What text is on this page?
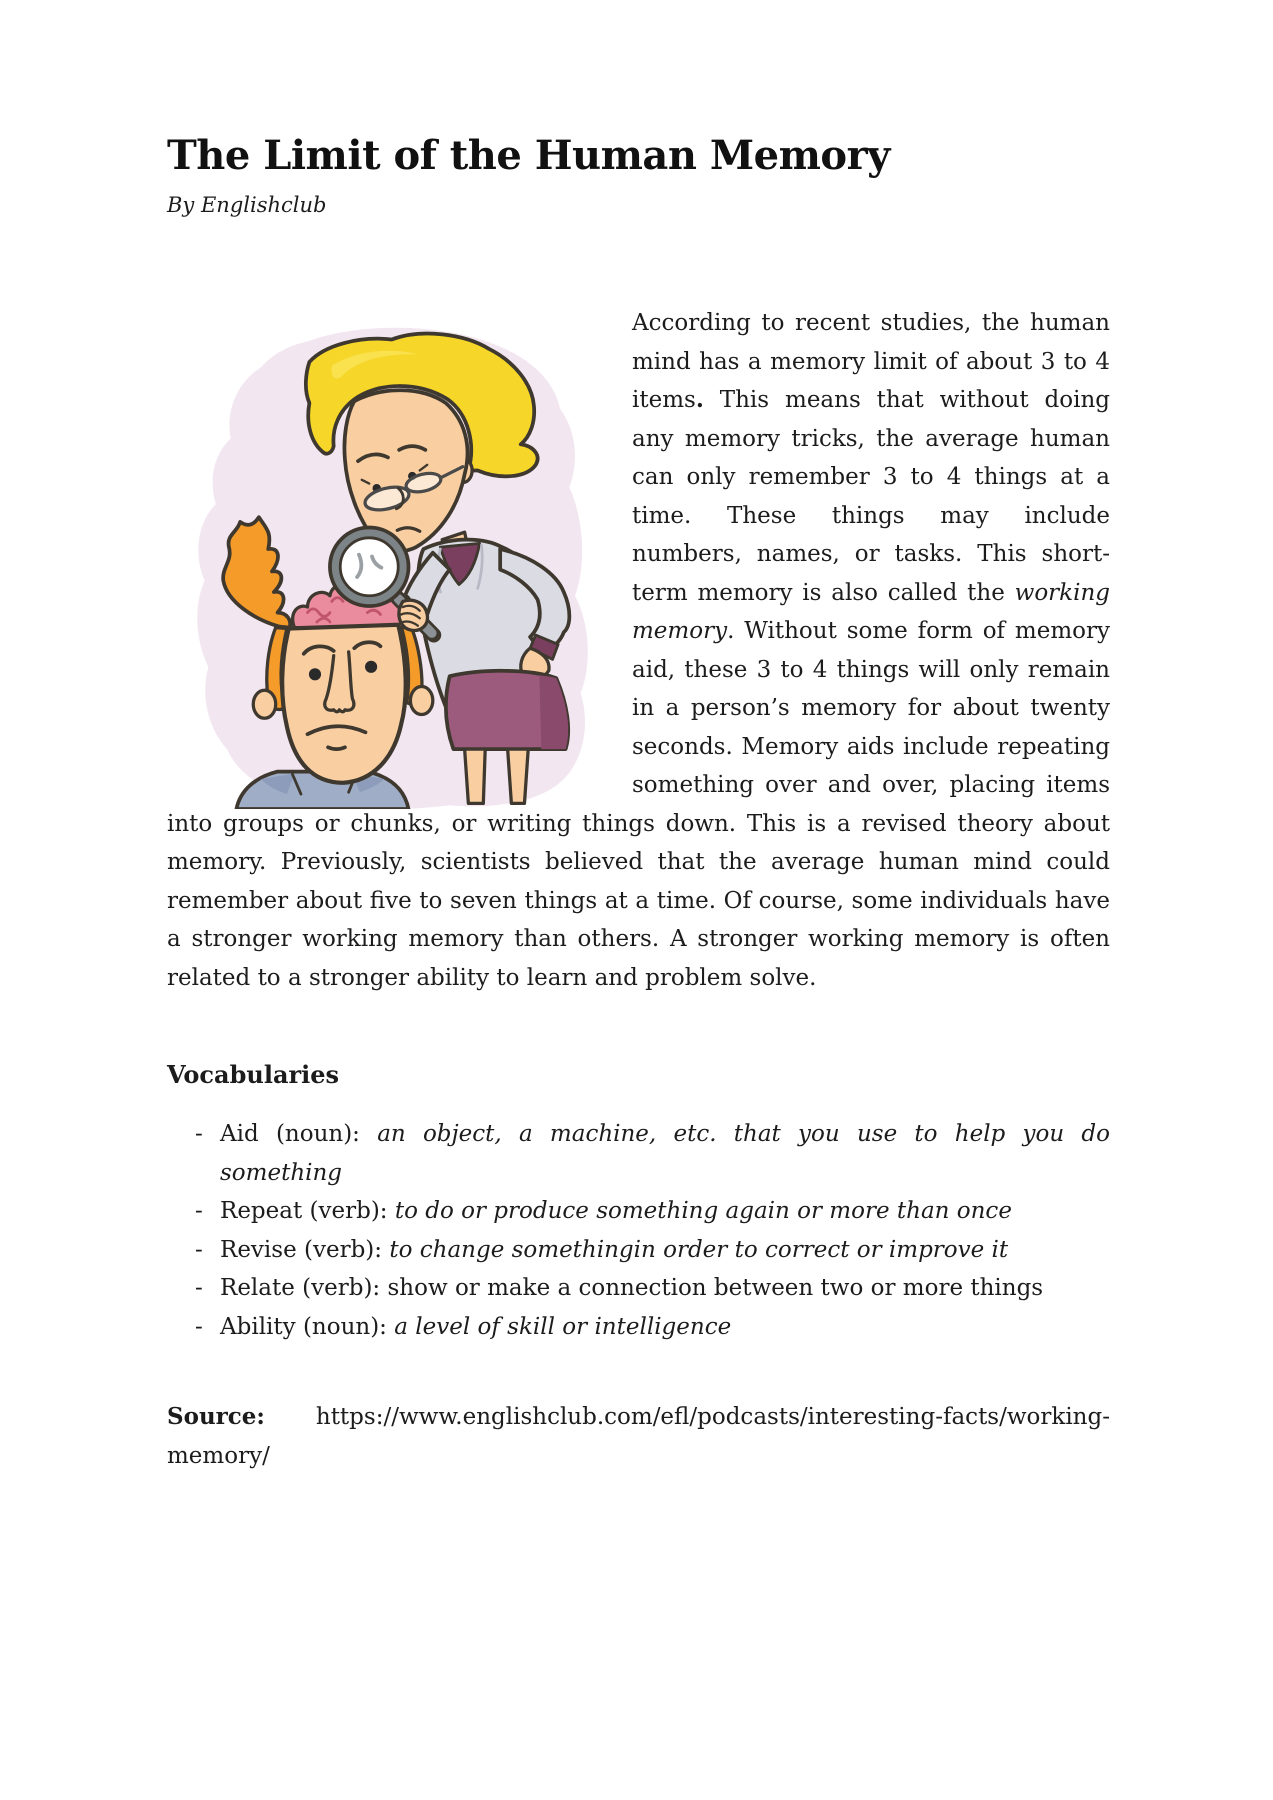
The Limit of the Human Memory
By Englishclub

According to recent studies, the human mind has a memory limit of about 3 to 4 items. This means that without doing any memory tricks, the average human can only remember 3 to 4 things at a time. These things may include numbers, names, or tasks. This short-term memory is also called the working memory. Without some form of memory aid, these 3 to 4 things will only remain in a person’s memory for about twenty seconds. Memory aids include repeating something over and over, placing items into groups or chunks, or writing things down. This is a revised theory about memory. Previously, scientists believed that the average human mind could remember about five to seven things at a time. Of course, some individuals have a stronger working memory than others. A stronger working memory is often related to a stronger ability to learn and problem solve.

Vocabularies
- Aid (noun): an object, a machine, etc. that you use to help you do something
- Repeat (verb): to do or produce something again or more than once
- Revise (verb): to change somethingin order to correct or improve it
- Relate (verb): show or make a connection between two or more things
- Ability (noun): a level of skill or intelligence

Source:  https://www.englishclub.com/efl/podcasts/interesting-facts/working-memory/
